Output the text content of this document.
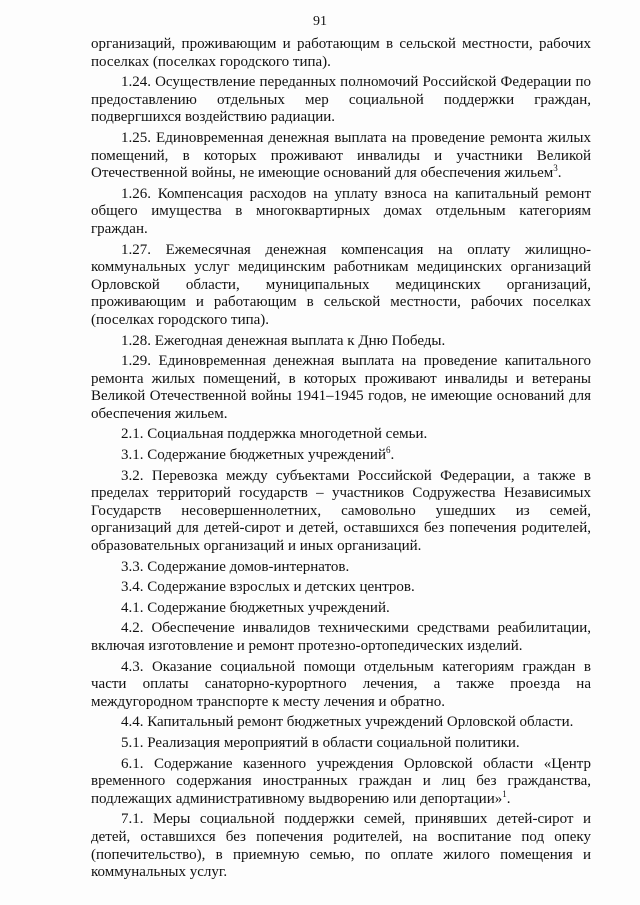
91

организаций, проживающим и работающим в сельской местности, рабочих поселках (поселках городского типа).

1.24. Осуществление переданных полномочий Российской Федерации по предоставлению отдельных мер социальной поддержки граждан, подвергшихся воздействию радиации.

1.25. Единовременная денежная выплата на проведение ремонта жилых помещений, в которых проживают инвалиды и участники Великой Отечественной войны, не имеющие оснований для обеспечения жильем$^3$.

1.26. Компенсация расходов на уплату взноса на капитальный ремонт общего имущества в многоквартирных домах отдельным категориям граждан.

1.27. Ежемесячная денежная компенсация на оплату жилищно-коммунальных услуг медицинским работникам медицинских организаций Орловской области, муниципальных медицинских организаций, проживающим и работающим в сельской местности, рабочих поселках (поселках городского типа).

1.28. Ежегодная денежная выплата к Дню Победы.

1.29. Единовременная денежная выплата на проведение капитального ремонта жилых помещений, в которых проживают инвалиды и ветераны Великой Отечественной войны 1941–1945 годов, не имеющие оснований для обеспечения жильем.

2.1. Социальная поддержка многодетной семьи.

3.1. Содержание бюджетных учреждений$^6$.

3.2. Перевозка между субъектами Российской Федерации, а также в пределах территорий государств – участников Содружества Независимых Государств несовершеннолетних, самовольно ушедших из семей, организаций для детей-сирот и детей, оставшихся без попечения родителей, образовательных организаций и иных организаций.

3.3. Содержание домов-интернатов.

3.4. Содержание взрослых и детских центров.

4.1. Содержание бюджетных учреждений.

4.2. Обеспечение инвалидов техническими средствами реабилитации, включая изготовление и ремонт протезно-ортопедических изделий.

4.3. Оказание социальной помощи отдельным категориям граждан в части оплаты санаторно-курортного лечения, а также проезда на междугородном транспорте к месту лечения и обратно.

4.4. Капитальный ремонт бюджетных учреждений Орловской области.

5.1. Реализация мероприятий в области социальной политики.

6.1. Содержание казенного учреждения Орловской области «Центр временного содержания иностранных граждан и лиц без гражданства, подлежащих административному выдворению или депортации»$^1$.

7.1. Меры социальной поддержки семей, принявших детей-сирот и детей, оставшихся без попечения родителей, на воспитание под опеку (попечительство), в приемную семью, по оплате жилого помещения и коммунальных услуг.
